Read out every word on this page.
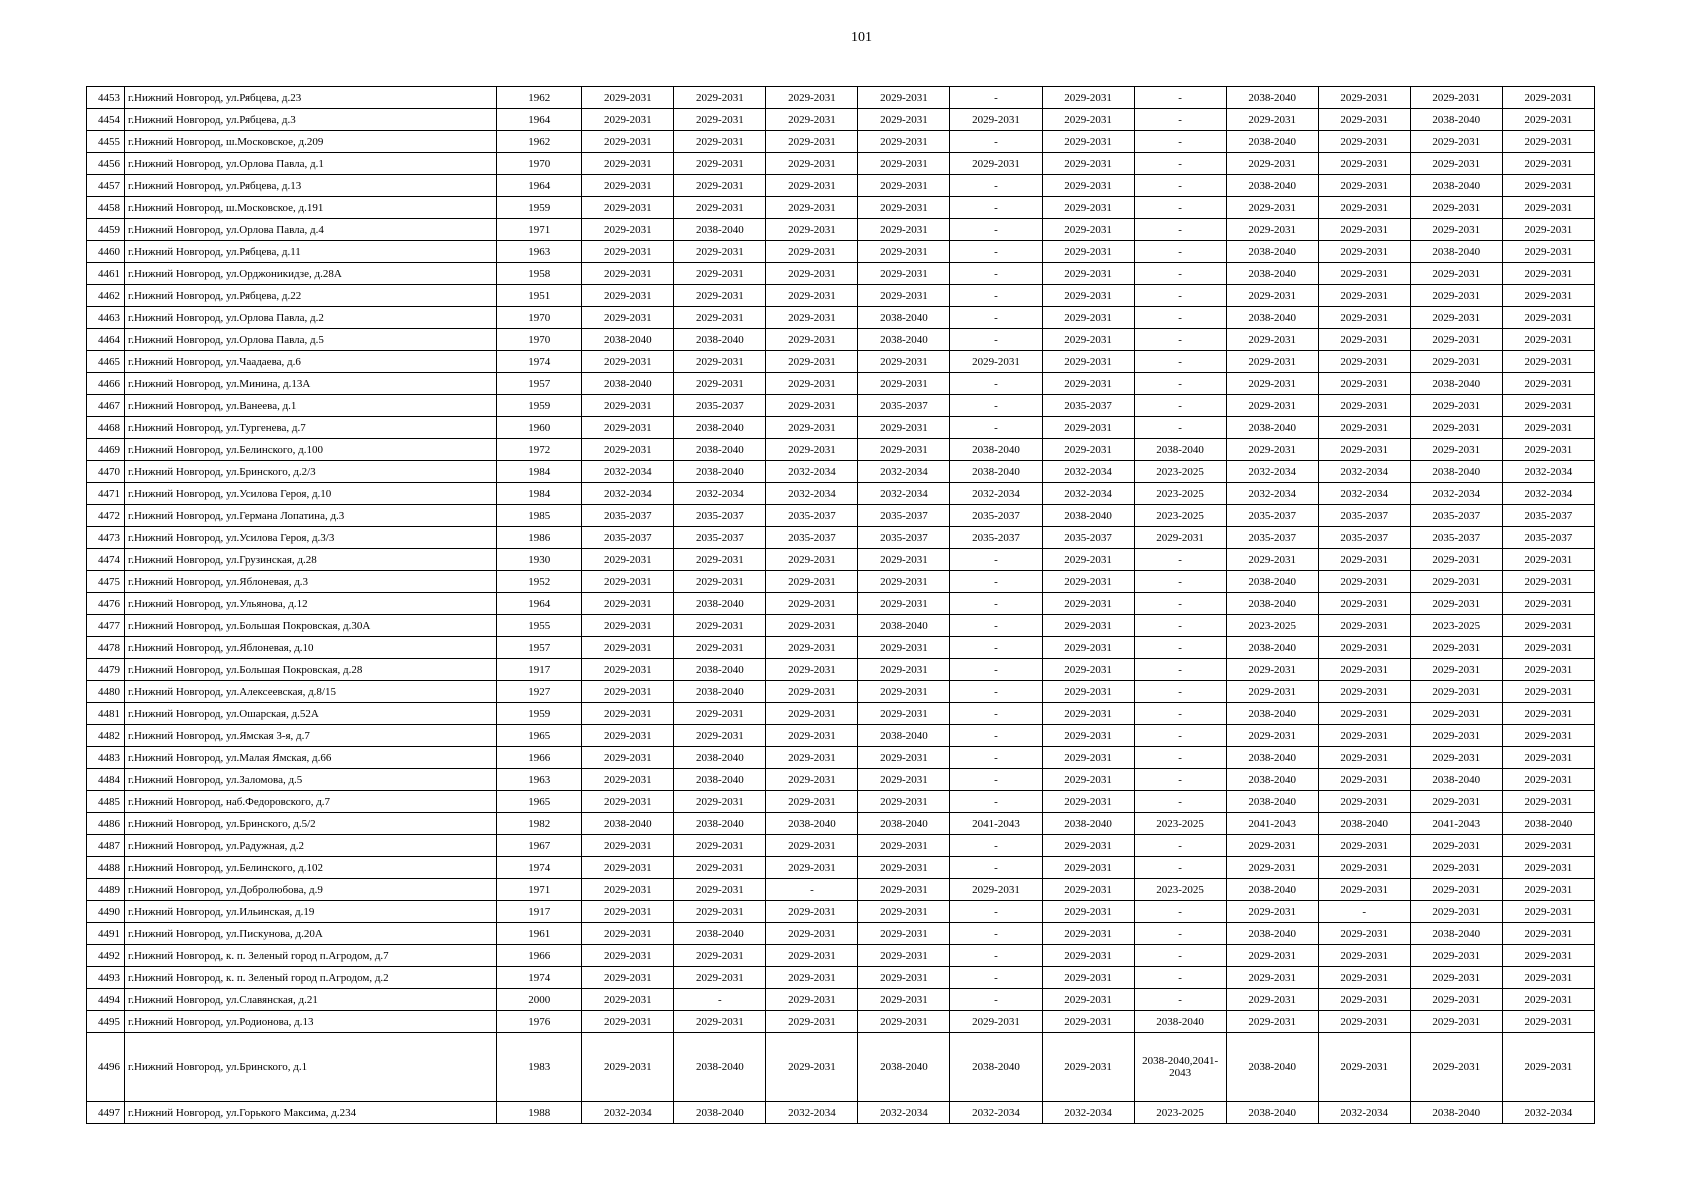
101
4453	г.Нижний Новгород, ул.Рябцева, д.23	1962	2029-2031	2029-2031	2029-2031	2029-2031	-	2029-2031	-	2038-2040	2029-2031	2029-2031	2029-2031
4454	г.Нижний Новгород, ул.Рябцева, д.3	1964	2029-2031	2029-2031	2029-2031	2029-2031	2029-2031	2029-2031	-	2029-2031	2029-2031	2038-2040	2029-2031
4455	г.Нижний Новгород, ш.Московское, д.209	1962	2029-2031	2029-2031	2029-2031	2029-2031	-	2029-2031	-	2038-2040	2029-2031	2029-2031	2029-2031
4456	г.Нижний Новгород, ул.Орлова Павла, д.1	1970	2029-2031	2029-2031	2029-2031	2029-2031	2029-2031	2029-2031	-	2029-2031	2029-2031	2029-2031	2029-2031
4457	г.Нижний Новгород, ул.Рябцева, д.13	1964	2029-2031	2029-2031	2029-2031	2029-2031	-	2029-2031	-	2038-2040	2029-2031	2038-2040	2029-2031
4458	г.Нижний Новгород, ш.Московское, д.191	1959	2029-2031	2029-2031	2029-2031	2029-2031	-	2029-2031	-	2029-2031	2029-2031	2029-2031	2029-2031
4459	г.Нижний Новгород, ул.Орлова Павла, д.4	1971	2029-2031	2038-2040	2029-2031	2029-2031	-	2029-2031	-	2029-2031	2029-2031	2029-2031	2029-2031
4460	г.Нижний Новгород, ул.Рябцева, д.11	1963	2029-2031	2029-2031	2029-2031	2029-2031	-	2029-2031	-	2038-2040	2029-2031	2038-2040	2029-2031
4461	г.Нижний Новгород, ул.Орджоникидзе, д.28А	1958	2029-2031	2029-2031	2029-2031	2029-2031	-	2029-2031	-	2038-2040	2029-2031	2029-2031	2029-2031
4462	г.Нижний Новгород, ул.Рябцева, д.22	1951	2029-2031	2029-2031	2029-2031	2029-2031	-	2029-2031	-	2029-2031	2029-2031	2029-2031	2029-2031
4463	г.Нижний Новгород, ул.Орлова Павла, д.2	1970	2029-2031	2029-2031	2029-2031	2038-2040	-	2029-2031	-	2038-2040	2029-2031	2029-2031	2029-2031
4464	г.Нижний Новгород, ул.Орлова Павла, д.5	1970	2038-2040	2038-2040	2029-2031	2038-2040	-	2029-2031	-	2029-2031	2029-2031	2029-2031	2029-2031
4465	г.Нижний Новгород, ул.Чаадаева, д.6	1974	2029-2031	2029-2031	2029-2031	2029-2031	2029-2031	2029-2031	-	2029-2031	2029-2031	2029-2031	2029-2031
4466	г.Нижний Новгород, ул.Минина, д.13А	1957	2038-2040	2029-2031	2029-2031	2029-2031	-	2029-2031	-	2029-2031	2029-2031	2038-2040	2029-2031
4467	г.Нижний Новгород, ул.Ванеева, д.1	1959	2029-2031	2035-2037	2029-2031	2035-2037	-	2035-2037	-	2029-2031	2029-2031	2029-2031	2029-2031
4468	г.Нижний Новгород, ул.Тургенева, д.7	1960	2029-2031	2038-2040	2029-2031	2029-2031	-	2029-2031	-	2038-2040	2029-2031	2029-2031	2029-2031
4469	г.Нижний Новгород, ул.Белинского, д.100	1972	2029-2031	2038-2040	2029-2031	2029-2031	2038-2040	2029-2031	2038-2040	2029-2031	2029-2031	2029-2031	2029-2031
4470	г.Нижний Новгород, ул.Бринского, д.2/3	1984	2032-2034	2038-2040	2032-2034	2032-2034	2038-2040	2032-2034	2023-2025	2032-2034	2032-2034	2038-2040	2032-2034
4471	г.Нижний Новгород, ул.Усилова Героя, д.10	1984	2032-2034	2032-2034	2032-2034	2032-2034	2032-2034	2032-2034	2023-2025	2032-2034	2032-2034	2032-2034	2032-2034
4472	г.Нижний Новгород, ул.Германа Лопатина, д.3	1985	2035-2037	2035-2037	2035-2037	2035-2037	2035-2037	2038-2040	2023-2025	2035-2037	2035-2037	2035-2037	2035-2037
4473	г.Нижний Новгород, ул.Усилова Героя, д.3/3	1986	2035-2037	2035-2037	2035-2037	2035-2037	2035-2037	2035-2037	2029-2031	2035-2037	2035-2037	2035-2037	2035-2037
4474	г.Нижний Новгород, ул.Грузинская, д.28	1930	2029-2031	2029-2031	2029-2031	2029-2031	-	2029-2031	-	2029-2031	2029-2031	2029-2031	2029-2031
4475	г.Нижний Новгород, ул.Яблоневая, д.3	1952	2029-2031	2029-2031	2029-2031	2029-2031	-	2029-2031	-	2038-2040	2029-2031	2029-2031	2029-2031
4476	г.Нижний Новгород, ул.Ульянова, д.12	1964	2029-2031	2038-2040	2029-2031	2029-2031	-	2029-2031	-	2038-2040	2029-2031	2029-2031	2029-2031
4477	г.Нижний Новгород, ул.Большая Покровская, д.30А	1955	2029-2031	2029-2031	2029-2031	2038-2040	-	2029-2031	-	2023-2025	2029-2031	2023-2025	2029-2031
4478	г.Нижний Новгород, ул.Яблоневая, д.10	1957	2029-2031	2029-2031	2029-2031	2029-2031	-	2029-2031	-	2038-2040	2029-2031	2029-2031	2029-2031
4479	г.Нижний Новгород, ул.Большая Покровская, д.28	1917	2029-2031	2038-2040	2029-2031	2029-2031	-	2029-2031	-	2029-2031	2029-2031	2029-2031	2029-2031
4480	г.Нижний Новгород, ул.Алексеевская, д.8/15	1927	2029-2031	2038-2040	2029-2031	2029-2031	-	2029-2031	-	2029-2031	2029-2031	2029-2031	2029-2031
4481	г.Нижний Новгород, ул.Ошарская, д.52А	1959	2029-2031	2029-2031	2029-2031	2029-2031	-	2029-2031	-	2038-2040	2029-2031	2029-2031	2029-2031
4482	г.Нижний Новгород, ул.Ямская 3-я, д.7	1965	2029-2031	2029-2031	2029-2031	2038-2040	-	2029-2031	-	2029-2031	2029-2031	2029-2031	2029-2031
4483	г.Нижний Новгород, ул.Малая Ямская, д.66	1966	2029-2031	2038-2040	2029-2031	2029-2031	-	2029-2031	-	2038-2040	2029-2031	2029-2031	2029-2031
4484	г.Нижний Новгород, ул.Заломова, д.5	1963	2029-2031	2038-2040	2029-2031	2029-2031	-	2029-2031	-	2038-2040	2029-2031	2038-2040	2029-2031
4485	г.Нижний Новгород, наб.Федоровского, д.7	1965	2029-2031	2029-2031	2029-2031	2029-2031	-	2029-2031	-	2038-2040	2029-2031	2029-2031	2029-2031
4486	г.Нижний Новгород, ул.Бринского, д.5/2	1982	2038-2040	2038-2040	2038-2040	2038-2040	2041-2043	2038-2040	2023-2025	2041-2043	2038-2040	2041-2043	2038-2040
4487	г.Нижний Новгород, ул.Радужная, д.2	1967	2029-2031	2029-2031	2029-2031	2029-2031	-	2029-2031	-	2029-2031	2029-2031	2029-2031	2029-2031
4488	г.Нижний Новгород, ул.Белинского, д.102	1974	2029-2031	2029-2031	2029-2031	2029-2031	-	2029-2031	-	2029-2031	2029-2031	2029-2031	2029-2031
4489	г.Нижний Новгород, ул.Добролюбова, д.9	1971	2029-2031	2029-2031	-	2029-2031	2029-2031	2029-2031	2023-2025	2038-2040	2029-2031	2029-2031	2029-2031
4490	г.Нижний Новгород, ул.Ильинская, д.19	1917	2029-2031	2029-2031	2029-2031	2029-2031	-	2029-2031	-	2029-2031	-	2029-2031	2029-2031
4491	г.Нижний Новгород, ул.Пискунова, д.20А	1961	2029-2031	2038-2040	2029-2031	2029-2031	-	2029-2031	-	2038-2040	2029-2031	2038-2040	2029-2031
4492	г.Нижний Новгород, к. п. Зеленый город п.Агродом, д.7	1966	2029-2031	2029-2031	2029-2031	2029-2031	-	2029-2031	-	2029-2031	2029-2031	2029-2031	2029-2031
4493	г.Нижний Новгород, к. п. Зеленый город п.Агродом, д.2	1974	2029-2031	2029-2031	2029-2031	2029-2031	-	2029-2031	-	2029-2031	2029-2031	2029-2031	2029-2031
4494	г.Нижний Новгород, ул.Славянская, д.21	2000	2029-2031	-	2029-2031	2029-2031	-	2029-2031	-	2029-2031	2029-2031	2029-2031	2029-2031
4495	г.Нижний Новгород, ул.Родионова, д.13	1976	2029-2031	2029-2031	2029-2031	2029-2031	2029-2031	2029-2031	2038-2040	2029-2031	2029-2031	2029-2031	2029-2031
4496	г.Нижний Новгород, ул.Бринского, д.1	1983	2029-2031	2038-2040	2029-2031	2038-2040	2038-2040	2029-2031	2038-2040,2041-2043	2038-2040	2029-2031	2029-2031	2029-2031
4497	г.Нижний Новгород, ул.Горького Максима, д.234	1988	2032-2034	2038-2040	2032-2034	2032-2034	2032-2034	2032-2034	2023-2025	2038-2040	2032-2034	2038-2040	2032-2034
